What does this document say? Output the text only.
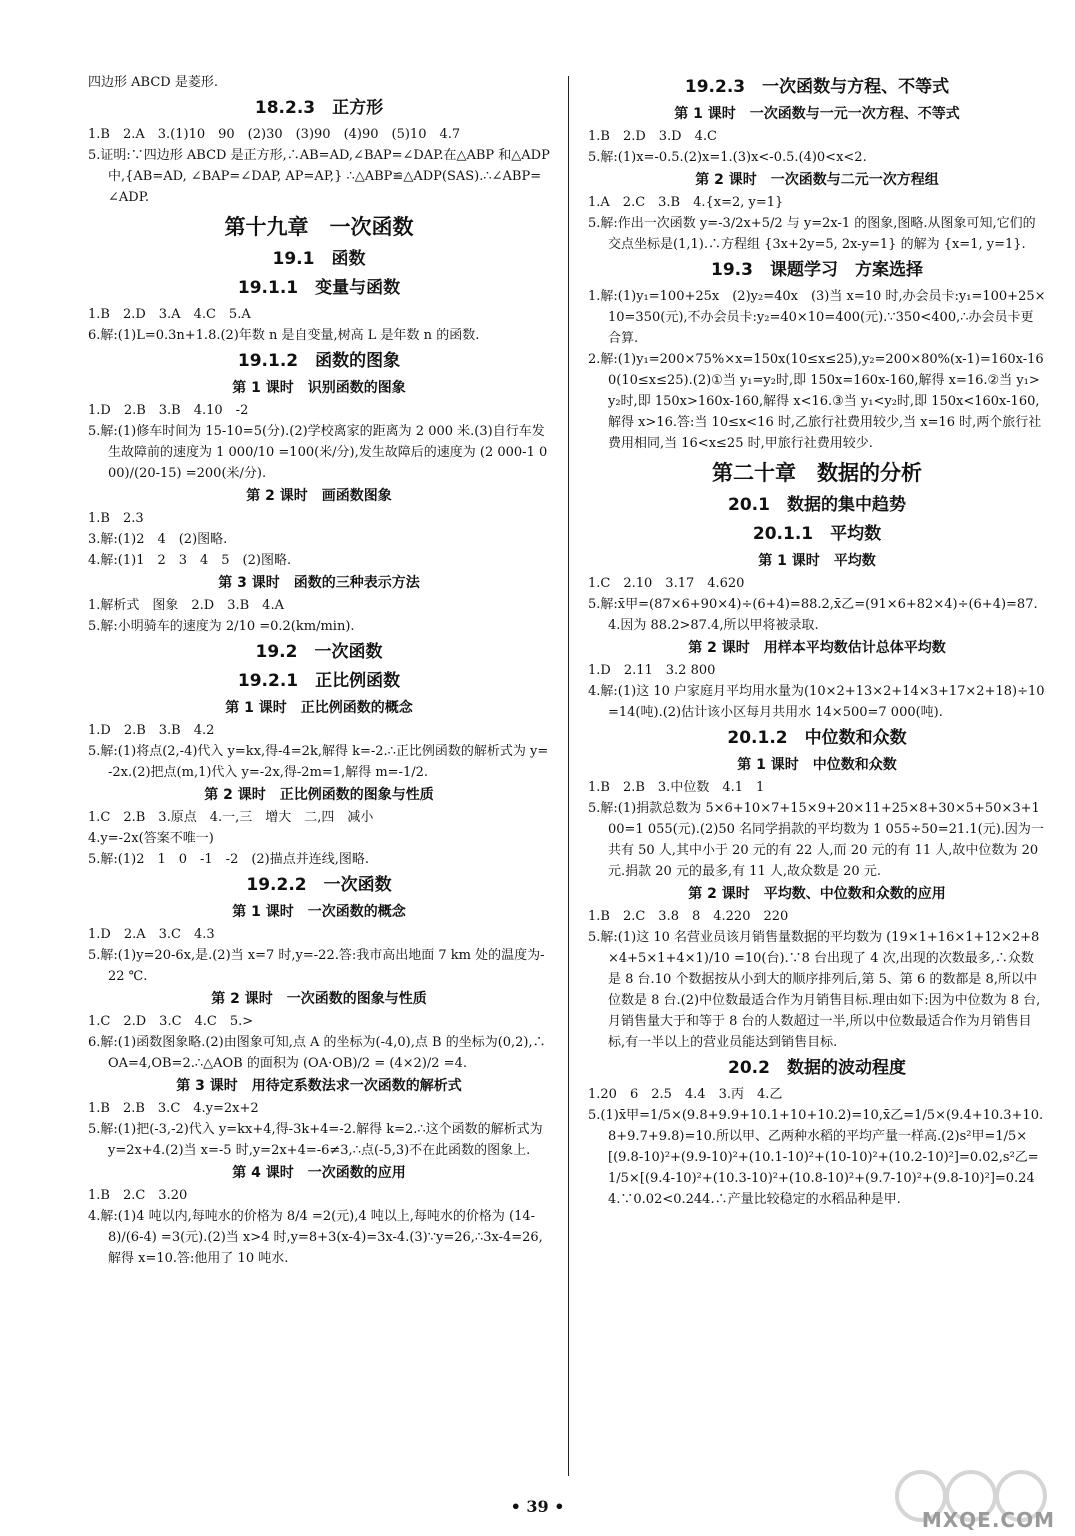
四边形 ABCD 是菱形.
18.2.3　正方形
1.B　2.A　3.(1)10　90　(2)30　(3)90　(4)90　(5)10　4.7
5.证明:∵四边形 ABCD 是正方形,∴AB=AD,∠BAP=∠DAP.在△ABP 和△ADP 中,{AB=AD, ∠BAP=∠DAP, AP=AP,} ∴△ABP≌△ADP(SAS).∴∠ABP=∠ADP.
第十九章　一次函数
19.1　函数
19.1.1　变量与函数
1.B　2.D　3.A　4.C　5.A
6.解:(1)L=0.3n+1.8.(2)年数 n 是自变量,树高 L 是年数 n 的函数.
19.1.2　函数的图象
第 1 课时　识别函数的图象
1.D　2.B　3.B　4.10　-2
5.解:(1)修车时间为 15-10=5(分).(2)学校离家的距离为 2 000 米.(3)自行车发生故障前的速度为 1 000/10 =100(米/分),发生故障后的速度为 (2 000-1 000)/(20-15) =200(米/分).
第 2 课时　画函数图象
1.B　2.3
3.解:(1)2　4　(2)图略.
4.解:(1)1　2　3　4　5　(2)图略.
第 3 课时　函数的三种表示方法
1.解析式　图象　2.D　3.B　4.A
5.解:小明骑车的速度为 2/10 =0.2(km/min).
19.2　一次函数
19.2.1　正比例函数
第 1 课时　正比例函数的概念
1.D　2.B　3.B　4.2
5.解:(1)将点(2,-4)代入 y=kx,得-4=2k,解得 k=-2.∴正比例函数的解析式为 y=-2x.(2)把点(m,1)代入 y=-2x,得-2m=1,解得 m=-1/2.
第 2 课时　正比例函数的图象与性质
1.C　2.B　3.原点　4.一,三　增大　二,四　减小
4.y=-2x(答案不唯一)
5.解:(1)2　1　0　-1　-2　(2)描点并连线,图略.
19.2.2　一次函数
第 1 课时　一次函数的概念
1.D　2.A　3.C　4.3
5.解:(1)y=20-6x,是.(2)当 x=7 时,y=-22.答:我市高出地面 7 km 处的温度为-22 ℃.
第 2 课时　一次函数的图象与性质
1.C　2.D　3.C　4.C　5.>
6.解:(1)函数图象略.(2)由图象可知,点 A 的坐标为(-4,0),点 B 的坐标为(0,2),∴OA=4,OB=2.∴△AOB 的面积为 (OA·OB)/2 = (4×2)/2 =4.
第 3 课时　用待定系数法求一次函数的解析式
1.B　2.B　3.C　4.y=2x+2
5.解:(1)把(-3,-2)代入 y=kx+4,得-3k+4=-2.解得 k=2.∴这个函数的解析式为 y=2x+4.(2)当 x=-5 时,y=2x+4=-6≠3,∴点(-5,3)不在此函数的图象上.
第 4 课时　一次函数的应用
1.B　2.C　3.20
4.解:(1)4 吨以内,每吨水的价格为 8/4 =2(元),4 吨以上,每吨水的价格为 (14-8)/(6-4) =3(元).(2)当 x>4 时,y=8+3(x-4)=3x-4.(3)∵y=26,∴3x-4=26,解得 x=10.答:他用了 10 吨水.
19.2.3　一次函数与方程、不等式
第 1 课时　一次函数与一元一次方程、不等式
1.B　2.D　3.D　4.C
5.解:(1)x=-0.5.(2)x=1.(3)x<-0.5.(4)0<x<2.
第 2 课时　一次函数与二元一次方程组
1.A　2.C　3.B　4.{x=2, y=1}
5.解:作出一次函数 y=-3/2x+5/2 与 y=2x-1 的图象,图略.从图象可知,它们的交点坐标是(1,1).∴方程组 {3x+2y=5, 2x-y=1} 的解为 {x=1, y=1}.
19.3　课题学习　方案选择
1.解:(1)y₁=100+25x　(2)y₂=40x　(3)当 x=10 时,办会员卡:y₁=100+25×10=350(元),不办会员卡:y₂=40×10=400(元).∵350<400,∴办会员卡更合算.
2.解:(1)y₁=200×75%×x=150x(10≤x≤25),y₂=200×80%(x-1)=160x-160(10≤x≤25).(2)①当 y₁=y₂时,即 150x=160x-160,解得 x=16.②当 y₁>y₂时,即 150x>160x-160,解得 x<16.③当 y₁<y₂时,即 150x<160x-160,解得 x>16.答:当 10≤x<16 时,乙旅行社费用较少,当 x=16 时,两个旅行社费用相同,当 16<x≤25 时,甲旅行社费用较少.
第二十章　数据的分析
20.1　数据的集中趋势
20.1.1　平均数
第 1 课时　平均数
1.C　2.10　3.17　4.620
5.解:x̄甲=(87×6+90×4)÷(6+4)=88.2,x̄乙=(91×6+82×4)÷(6+4)=87.4.因为 88.2>87.4,所以甲将被录取.
第 2 课时　用样本平均数估计总体平均数
1.D　2.11　3.2 800
4.解:(1)这 10 户家庭月平均用水量为(10×2+13×2+14×3+17×2+18)÷10=14(吨).(2)估计该小区每月共用水 14×500=7 000(吨).
20.1.2　中位数和众数
第 1 课时　中位数和众数
1.B　2.B　3.中位数　4.1　1
5.解:(1)捐款总数为 5×6+10×7+15×9+20×11+25×8+30×5+50×3+100=1 055(元).(2)50 名同学捐款的平均数为 1 055÷50=21.1(元).因为一共有 50 人,其中小于 20 元的有 22 人,而 20 元的有 11 人,故中位数为 20 元.捐款 20 元的最多,有 11 人,故众数是 20 元.
第 2 课时　平均数、中位数和众数的应用
1.B　2.C　3.8　8　4.220　220
5.解:(1)这 10 名营业员该月销售量数据的平均数为 (19×1+16×1+12×2+8×4+5×1+4×1)/10 =10(台).∵8 台出现了 4 次,出现的次数最多,∴众数是 8 台.10 个数据按从小到大的顺序排列后,第 5、第 6 的数都是 8,所以中位数是 8 台.(2)中位数最适合作为月销售目标.理由如下:因为中位数为 8 台,月销售量大于和等于 8 台的人数超过一半,所以中位数最适合作为月销售目标,有一半以上的营业员能达到销售目标.
20.2　数据的波动程度
1.20　6　2.5　4.4　3.丙　4.乙
5.(1)x̄甲=1/5×(9.8+9.9+10.1+10+10.2)=10,x̄乙=1/5×(9.4+10.3+10.8+9.7+9.8)=10.所以甲、乙两种水稻的平均产量一样高.(2)s²甲=1/5×[(9.8-10)²+(9.9-10)²+(10.1-10)²+(10-10)²+(10.2-10)²]=0.02,s²乙=1/5×[(9.4-10)²+(10.3-10)²+(10.8-10)²+(9.7-10)²+(9.8-10)²]=0.244.∵0.02<0.244.∴产量比较稳定的水稻品种是甲.
• 39 •
MXQE.COM
